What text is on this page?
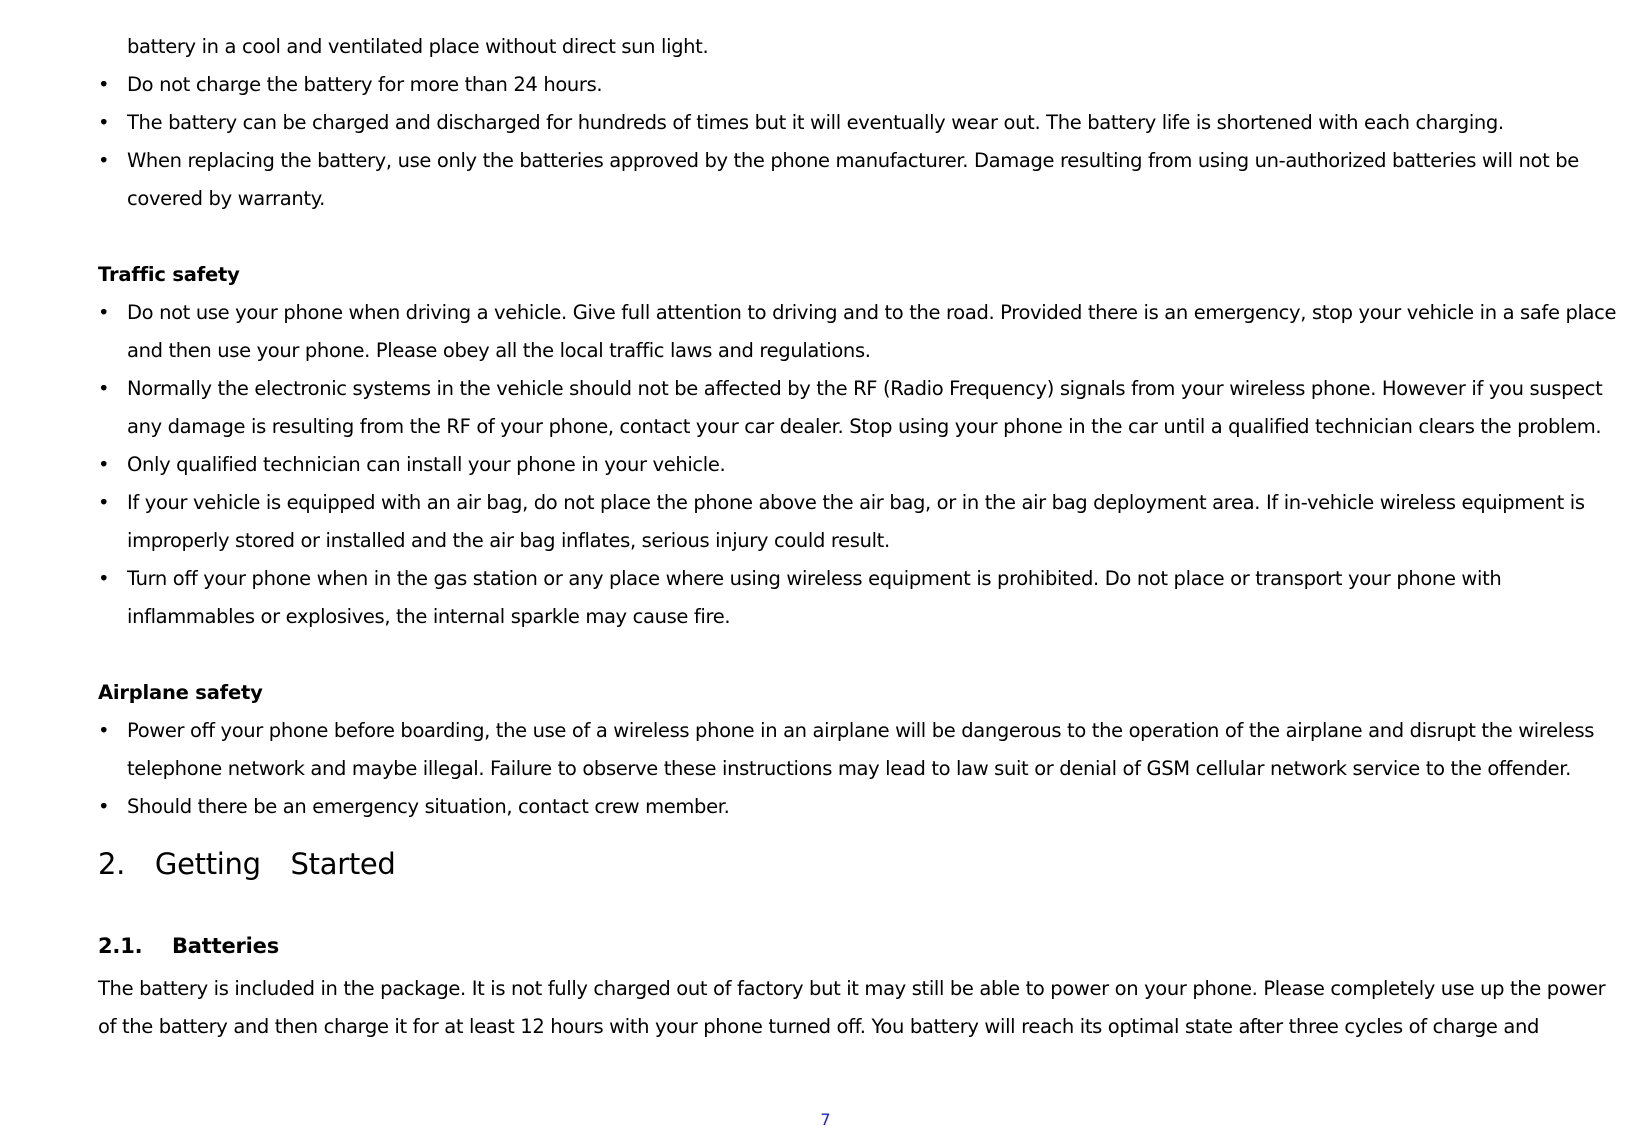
battery in a cool and ventilated place without direct sun light.
• Do not charge the battery for more than 24 hours.
• The battery can be charged and discharged for hundreds of times but it will eventually wear out. The battery life is shortened with each charging.
• When replacing the battery, use only the batteries approved by the phone manufacturer. Damage resulting from using un-authorized batteries will not be
covered by warranty.
Traffic safety
• Do not use your phone when driving a vehicle. Give full attention to driving and to the road. Provided there is an emergency, stop your vehicle in a safe place
and then use your phone. Please obey all the local traffic laws and regulations.
• Normally the electronic systems in the vehicle should not be affected by the RF (Radio Frequency) signals from your wireless phone. However if you suspect
any damage is resulting from the RF of your phone, contact your car dealer. Stop using your phone in the car until a qualified technician clears the problem.
• Only qualified technician can install your phone in your vehicle.
• If your vehicle is equipped with an air bag, do not place the phone above the air bag, or in the air bag deployment area. If in-vehicle wireless equipment is
improperly stored or installed and the air bag inflates, serious injury could result.
• Turn off your phone when in the gas station or any place where using wireless equipment is prohibited. Do not place or transport your phone with
inflammables or explosives, the internal sparkle may cause fire.
Airplane safety
• Power off your phone before boarding, the use of a wireless phone in an airplane will be dangerous to the operation of the airplane and disrupt the wireless
telephone network and maybe illegal. Failure to observe these instructions may lead to law suit or denial of GSM cellular network service to the offender.
• Should there be an emergency situation, contact crew member.
2.  Getting  Started
2.1. Batteries
The battery is included in the package. It is not fully charged out of factory but it may still be able to power on your phone. Please completely use up the power
of the battery and then charge it for at least 12 hours with your phone turned off. You battery will reach its optimal state after three cycles of charge and
7
